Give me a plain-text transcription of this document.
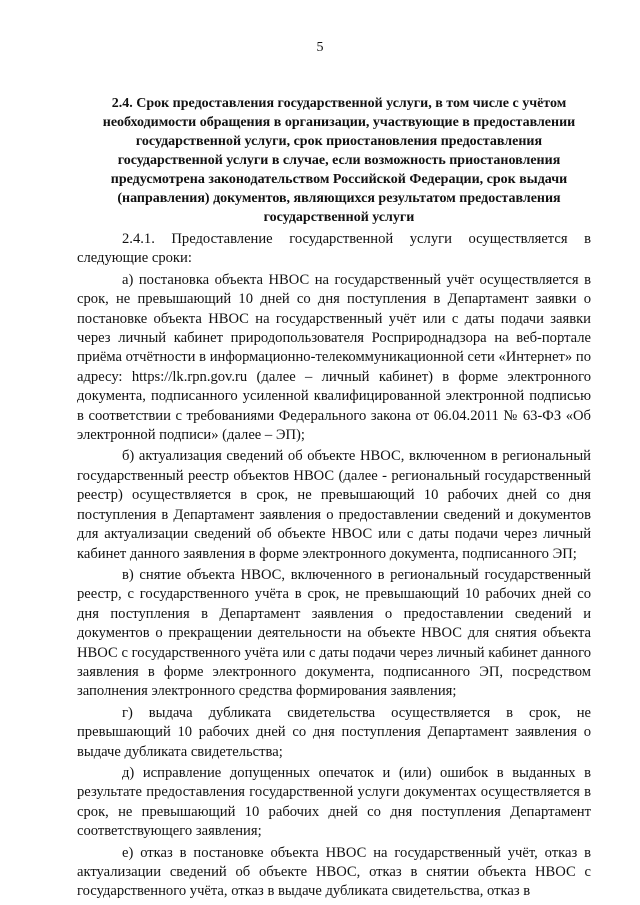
5
2.4. Срок предоставления государственной услуги, в том числе с учётом необходимости обращения в организации, участвующие в предоставлении государственной услуги, срок приостановления предоставления государственной услуги в случае, если возможность приостановления предусмотрена законодательством Российской Федерации, срок выдачи (направления) документов, являющихся результатом предоставления государственной услуги

2.4.1. Предоставление государственной услуги осуществляется в следующие сроки:

а) постановка объекта НВОС на государственный учёт осуществляется в срок, не превышающий 10 дней со дня поступления в Департамент заявки о постановке объекта НВОС на государственный учёт или с даты подачи заявки через личный кабинет природопользователя Росприроднадзора на веб-портале приёма отчётности в информационно-телекоммуникационной сети «Интернет» по адресу: https://lk.rpn.gov.ru (далее – личный кабинет) в форме электронного документа, подписанного усиленной квалифицированной электронной подписью в соответствии с требованиями Федерального закона от 06.04.2011 № 63-ФЗ «Об электронной подписи» (далее – ЭП);

б) актуализация сведений об объекте НВОС, включенном в региональный государственный реестр объектов НВОС (далее - региональный государственный реестр) осуществляется в срок, не превышающий 10 рабочих дней со дня поступления в Департамент заявления о предоставлении сведений и документов для актуализации сведений об объекте НВОС или с даты подачи через личный кабинет данного заявления в форме электронного документа, подписанного ЭП;

в) снятие объекта НВОС, включенного в региональный государственный реестр, с государственного учёта в срок, не превышающий 10 рабочих дней со дня поступления в Департамент заявления о предоставлении сведений и документов о прекращении деятельности на объекте НВОС для снятия объекта НВОС с государственного учёта или с даты подачи через личный кабинет данного заявления в форме электронного документа, подписанного ЭП, посредством заполнения электронного средства формирования заявления;

г) выдача дубликата свидетельства осуществляется в срок, не превышающий 10 рабочих дней со дня поступления Департамент заявления о выдаче дубликата свидетельства;

д) исправление допущенных опечаток и (или) ошибок в выданных в результате предоставления государственной услуги документах осуществляется в срок, не превышающий 10 рабочих дней со дня поступления Департамент соответствующего заявления;

е) отказ в постановке объекта НВОС на государственный учёт, отказ в актуализации сведений об объекте НВОС, отказ в снятии объекта НВОС с государственного учёта, отказ в выдаче дубликата свидетельства, отказ в
